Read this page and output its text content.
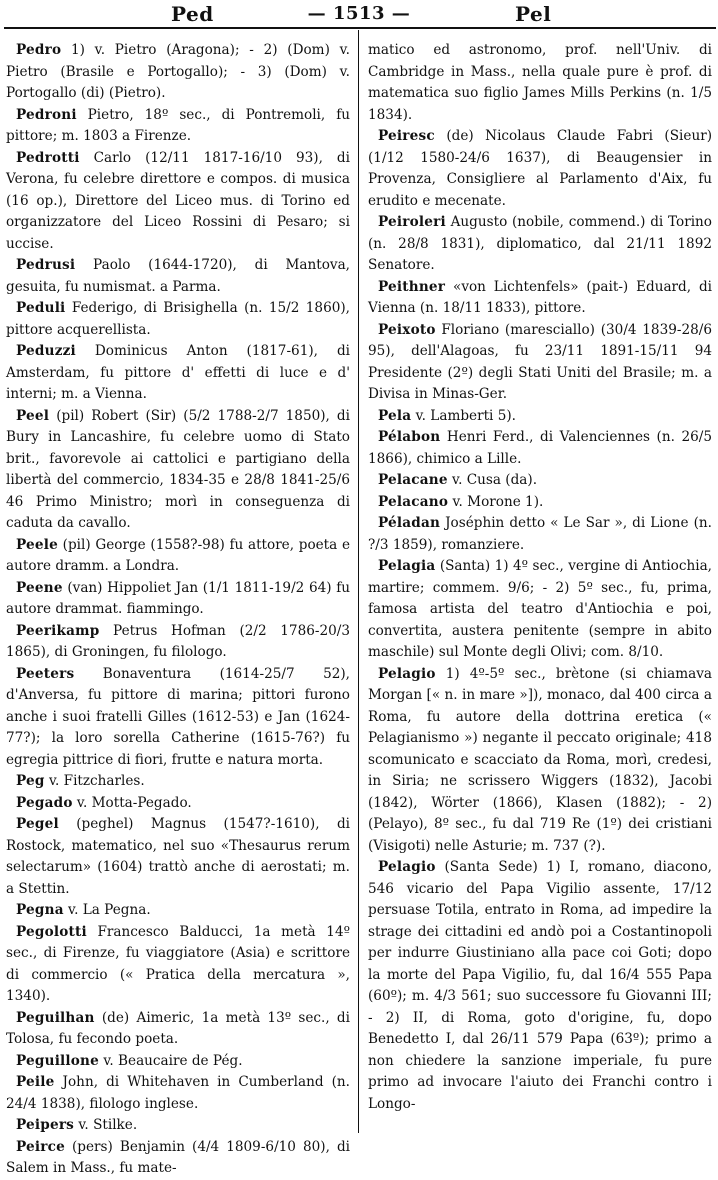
Ped	— 1513 —	Pel

Pedro 1) v. Pietro (Aragona); - 2) (Dom) v. Pietro (Brasile e Portogallo); - 3) (Dom) v. Portogallo (di) (Pietro).

Pedroni Pietro, 18º sec., di Pontremoli, fu pittore; m. 1803 a Firenze.

Pedrotti Carlo (12/11 1817-16/10 93), di Verona, fu celebre direttore e compos. di musica (16 op.), Direttore del Liceo mus. di Torino ed organizzatore del Liceo Rossini di Pesaro; si uccise.

Pedrusi Paolo (1644-1720), di Mantova, gesuita, fu numismat. a Parma.

Peduli Federigo, di Brisighella (n. 15/2 1860), pittore acquerellista.

Peduzzi Dominicus Anton (1817-61), di Amsterdam, fu pittore d' effetti di luce e d' interni; m. a Vienna.

Peel (pil) Robert (Sir) (5/2 1788-2/7 1850), di Bury in Lancashire, fu celebre uomo di Stato brit., favorevole ai cattolici e partigiano della libertà del commercio, 1834-35 e 28/8 1841-25/6 46 Primo Ministro; morì in conseguenza di caduta da cavallo.

Peele (pil) George (1558?-98) fu attore, poeta e autore dramm. a Londra.

Peene (van) Hippoliet Jan (1/1 1811-19/2 64) fu autore drammat. fiammingo.

Peerikamp Petrus Hofman (2/2 1786-20/3 1865), di Groningen, fu filologo.

Peeters Bonaventura (1614-25/7 52), d'Anversa, fu pittore di marina; pittori furono anche i suoi fratelli Gilles (1612-53) e Jan (1624-77?); la loro sorella Catherine (1615-76?) fu egregia pittrice di fiori, frutte e natura morta.

Peg v. Fitzcharles.

Pegado v. Motta-Pegado.

Pegel (peghel) Magnus (1547?-1610), di Rostock, matematico, nel suo «Thesaurus rerum selectarum» (1604) trattò anche di aerostati; m. a Stettin.

Pegna v. La Pegna.

Pegolotti Francesco Balducci, 1a metà 14º sec., di Firenze, fu viaggiatore (Asia) e scrittore di commercio (« Pratica della mercatura », 1340).

Peguilhan (de) Aimeric, 1a metà 13º sec., di Tolosa, fu fecondo poeta.

Peguillone v. Beaucaire de Pég.

Peile John, di Whitehaven in Cumberland (n. 24/4 1838), filologo inglese.

Peipers v. Stilke.

Peirce (pers) Benjamin (4/4 1809-6/10 80), di Salem in Mass., fu mate-

matico ed astronomo, prof. nell'Univ. di Cambridge in Mass., nella quale pure è prof. di matematica suo figlio James Mills Perkins (n. 1/5 1834).

Peiresc (de) Nicolaus Claude Fabri (Sieur) (1/12 1580-24/6 1637), di Beaugensier in Provenza, Consigliere al Parlamento d'Aix, fu erudito e mecenate.

Peiroleri Augusto (nobile, commend.) di Torino (n. 28/8 1831), diplomatico, dal 21/11 1892 Senatore.

Peithner «von Lichtenfels» (pait-) Eduard, di Vienna (n. 18/11 1833), pittore.

Peixoto Floriano (maresciallo) (30/4 1839-28/6 95), dell'Alagoas, fu 23/11 1891-15/11 94 Presidente (2º) degli Stati Uniti del Brasile; m. a Divisa in Minas-Ger.

Pela v. Lamberti 5).

Pélabon Henri Ferd., di Valenciennes (n. 26/5 1866), chimico a Lille.

Pelacane v. Cusa (da).

Pelacano v. Morone 1).

Péladan Joséphin detto « Le Sar », di Lione (n. ?/3 1859), romanziere.

Pelagia (Santa) 1) 4º sec., vergine di Antiochia, martire; commem. 9/6; - 2) 5º sec., fu, prima, famosa artista del teatro d'Antiochia e poi, convertita, austera penitente (sempre in abito maschile) sul Monte degli Olivi; com. 8/10.

Pelagio 1) 4º-5º sec., brètone (si chiamava Morgan [« n. in mare »]), monaco, dal 400 circa a Roma, fu autore della dottrina eretica (« Pelagianismo ») negante il peccato originale; 418 scomunicato e scacciato da Roma, morì, credesi, in Siria; ne scrissero Wiggers (1832), Jacobi (1842), Wörter (1866), Klasen (1882); - 2) (Pelayo), 8º sec., fu dal 719 Re (1º) dei cristiani (Visigoti) nelle Asturie; m. 737 (?).

Pelagio (Santa Sede) 1) I, romano, diacono, 546 vicario del Papa Vigilio assente, 17/12 persuase Totila, entrato in Roma, ad impedire la strage dei cittadini ed andò poi a Costantinopoli per indurre Giustiniano alla pace coi Goti; dopo la morte del Papa Vigilio, fu, dal 16/4 555 Papa (60º); m. 4/3 561; suo successore fu Giovanni III; - 2) II, di Roma, goto d'origine, fu, dopo Benedetto I, dal 26/11 579 Papa (63º); primo a non chiedere la sanzione imperiale, fu pure primo ad invocare l'aiuto dei Franchi contro i Longo-
